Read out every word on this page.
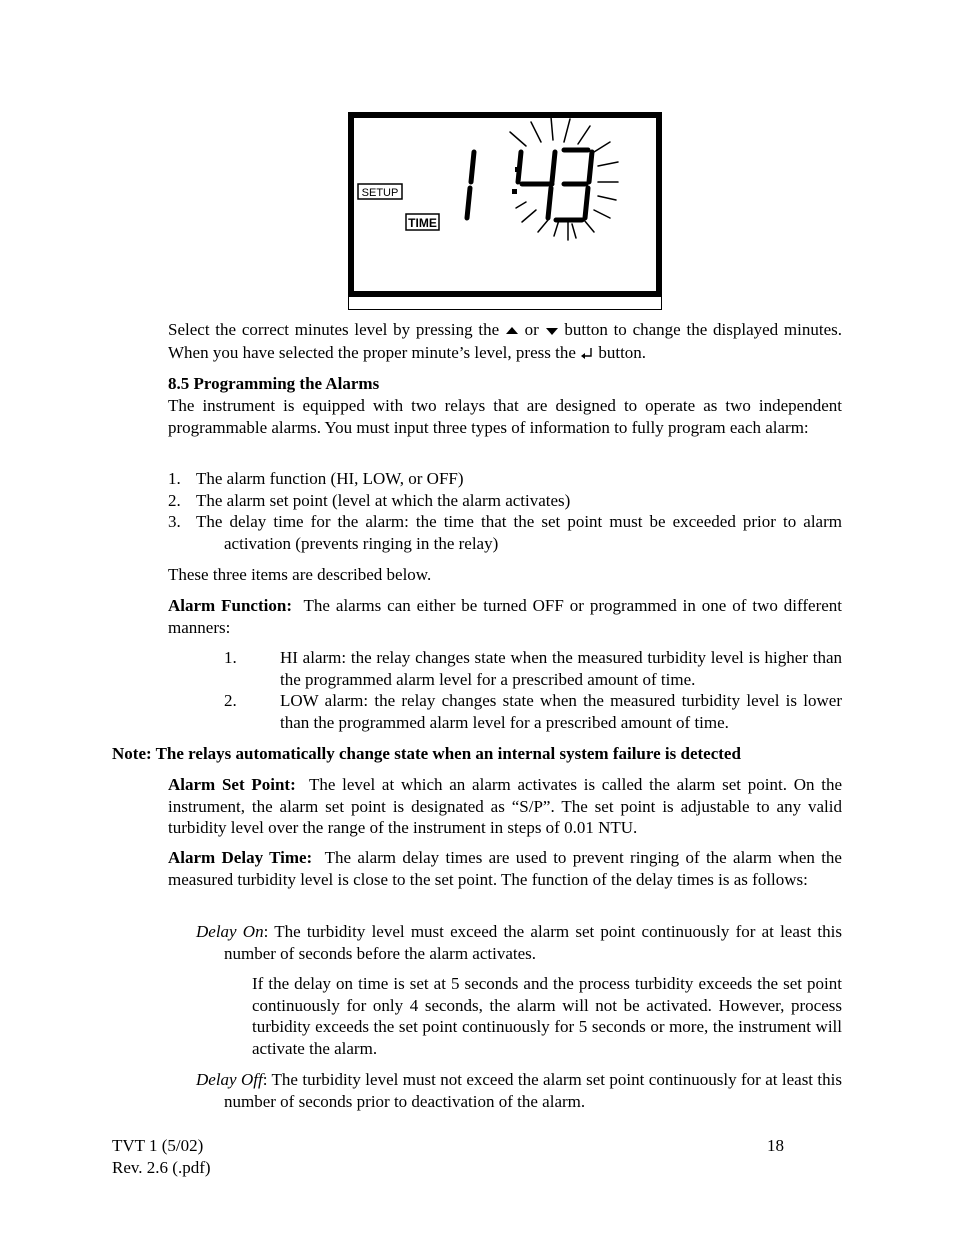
SETUP
TIME
Select the correct minutes level by pressing the or button to change the displayed minutes. When you have selected the proper minute’s level, press the button.
8.5 Programming the Alarms
The instrument is equipped with two relays that are designed to operate as two independent programmable alarms. You must input three types of information to fully program each alarm:
1. The alarm function (HI, LOW, or OFF)
2. The alarm set point (level at which the alarm activates)
3. The delay time for the alarm: the time that the set point must be exceeded prior to alarm activation (prevents ringing in the relay)
These three items are described below.
Alarm Function: The alarms can either be turned OFF or programmed in one of two different manners:
1.	HI alarm: the relay changes state when the measured turbidity level is higher than the programmed alarm level for a prescribed amount of time.
2.	LOW alarm: the relay changes state when the measured turbidity level is lower than the programmed alarm level for a prescribed amount of time.
Note: The relays automatically change state when an internal system failure is detected
Alarm Set Point: The level at which an alarm activates is called the alarm set point. On the instrument, the alarm set point is designated as “S/P”. The set point is adjustable to any valid turbidity level over the range of the instrument in steps of 0.01 NTU.
Alarm Delay Time: The alarm delay times are used to prevent ringing of the alarm when the measured turbidity level is close to the set point. The function of the delay times is as follows:
Delay On: The turbidity level must exceed the alarm set point continuously for at least this number of seconds before the alarm activates.
If the delay on time is set at 5 seconds and the process turbidity exceeds the set point continuously for only 4 seconds, the alarm will not be activated. However, process turbidity exceeds the set point continuously for 5 seconds or more, the instrument will activate the alarm.
Delay Off: The turbidity level must not exceed the alarm set point continuously for at least this number of seconds prior to deactivation of the alarm.
TVT 1 (5/02)
Rev. 2.6 (.pdf)
18
